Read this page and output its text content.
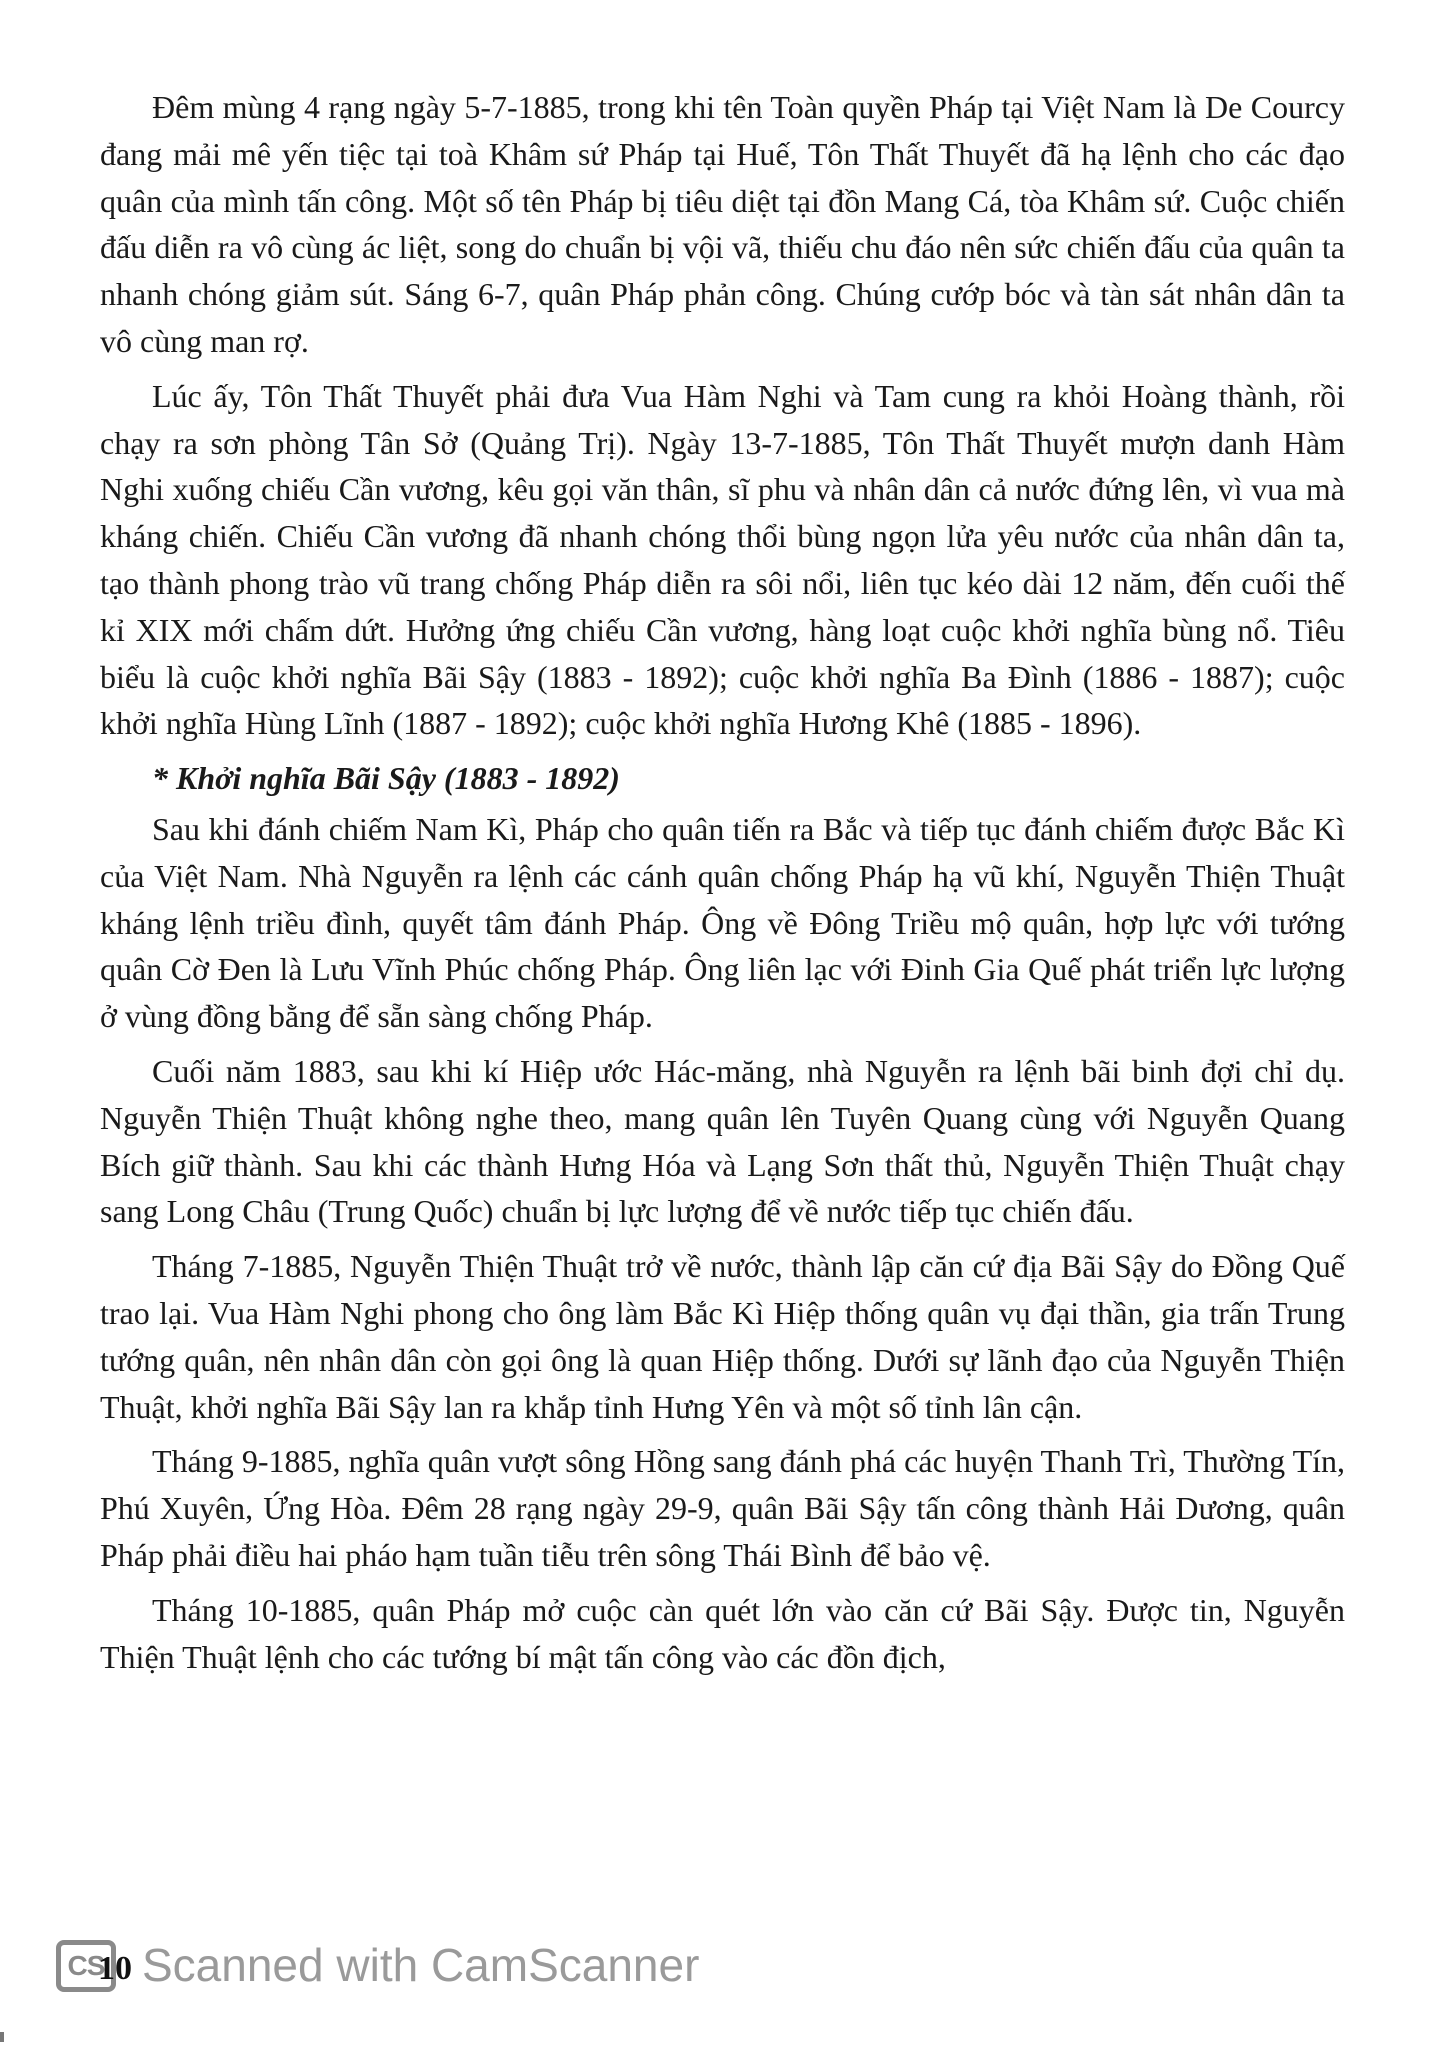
Đêm mùng 4 rạng ngày 5-7-1885, trong khi tên Toàn quyền Pháp tại Việt Nam là De Courcy đang mải mê yến tiệc tại toà Khâm sứ Pháp tại Huế, Tôn Thất Thuyết đã hạ lệnh cho các đạo quân của mình tấn công. Một số tên Pháp bị tiêu diệt tại đồn Mang Cá, tòa Khâm sứ. Cuộc chiến đấu diễn ra vô cùng ác liệt, song do chuẩn bị vội vã, thiếu chu đáo nên sức chiến đấu của quân ta nhanh chóng giảm sút. Sáng 6-7, quân Pháp phản công. Chúng cướp bóc và tàn sát nhân dân ta vô cùng man rợ.

Lúc ấy, Tôn Thất Thuyết phải đưa Vua Hàm Nghi và Tam cung ra khỏi Hoàng thành, rồi chạy ra sơn phòng Tân Sở (Quảng Trị). Ngày 13-7-1885, Tôn Thất Thuyết mượn danh Hàm Nghi xuống chiếu Cần vương, kêu gọi văn thân, sĩ phu và nhân dân cả nước đứng lên, vì vua mà kháng chiến. Chiếu Cần vương đã nhanh chóng thổi bùng ngọn lửa yêu nước của nhân dân ta, tạo thành phong trào vũ trang chống Pháp diễn ra sôi nổi, liên tục kéo dài 12 năm, đến cuối thế kỉ XIX mới chấm dứt. Hưởng ứng chiếu Cần vương, hàng loạt cuộc khởi nghĩa bùng nổ. Tiêu biểu là cuộc khởi nghĩa Bãi Sậy (1883 - 1892); cuộc khởi nghĩa Ba Đình (1886 - 1887); cuộc khởi nghĩa Hùng Lĩnh (1887 - 1892); cuộc khởi nghĩa Hương Khê (1885 - 1896).

* Khởi nghĩa Bãi Sậy (1883 - 1892)

Sau khi đánh chiếm Nam Kì, Pháp cho quân tiến ra Bắc và tiếp tục đánh chiếm được Bắc Kì của Việt Nam. Nhà Nguyễn ra lệnh các cánh quân chống Pháp hạ vũ khí, Nguyễn Thiện Thuật kháng lệnh triều đình, quyết tâm đánh Pháp. Ông về Đông Triều mộ quân, hợp lực với tướng quân Cờ Đen là Lưu Vĩnh Phúc chống Pháp. Ông liên lạc với Đinh Gia Quế phát triển lực lượng ở vùng đồng bằng để sẵn sàng chống Pháp.

Cuối năm 1883, sau khi kí Hiệp ước Hác-măng, nhà Nguyễn ra lệnh bãi binh đợi chỉ dụ. Nguyễn Thiện Thuật không nghe theo, mang quân lên Tuyên Quang cùng với Nguyễn Quang Bích giữ thành. Sau khi các thành Hưng Hóa và Lạng Sơn thất thủ, Nguyễn Thiện Thuật chạy sang Long Châu (Trung Quốc) chuẩn bị lực lượng để về nước tiếp tục chiến đấu.

Tháng 7-1885, Nguyễn Thiện Thuật trở về nước, thành lập căn cứ địa Bãi Sậy do Đồng Quế trao lại. Vua Hàm Nghi phong cho ông làm Bắc Kì Hiệp thống quân vụ đại thần, gia trấn Trung tướng quân, nên nhân dân còn gọi ông là quan Hiệp thống. Dưới sự lãnh đạo của Nguyễn Thiện Thuật, khởi nghĩa Bãi Sậy lan ra khắp tỉnh Hưng Yên và một số tỉnh lân cận.

Tháng 9-1885, nghĩa quân vượt sông Hồng sang đánh phá các huyện Thanh Trì, Thường Tín, Phú Xuyên, Ứng Hòa. Đêm 28 rạng ngày 29-9, quân Bãi Sậy tấn công thành Hải Dương, quân Pháp phải điều hai pháo hạm tuần tiễu trên sông Thái Bình để bảo vệ.

Tháng 10-1885, quân Pháp mở cuộc càn quét lớn vào căn cứ Bãi Sậy. Được tin, Nguyễn Thiện Thuật lệnh cho các tướng bí mật tấn công vào các đồn địch,

CS
10 Scanned with CamScanner
